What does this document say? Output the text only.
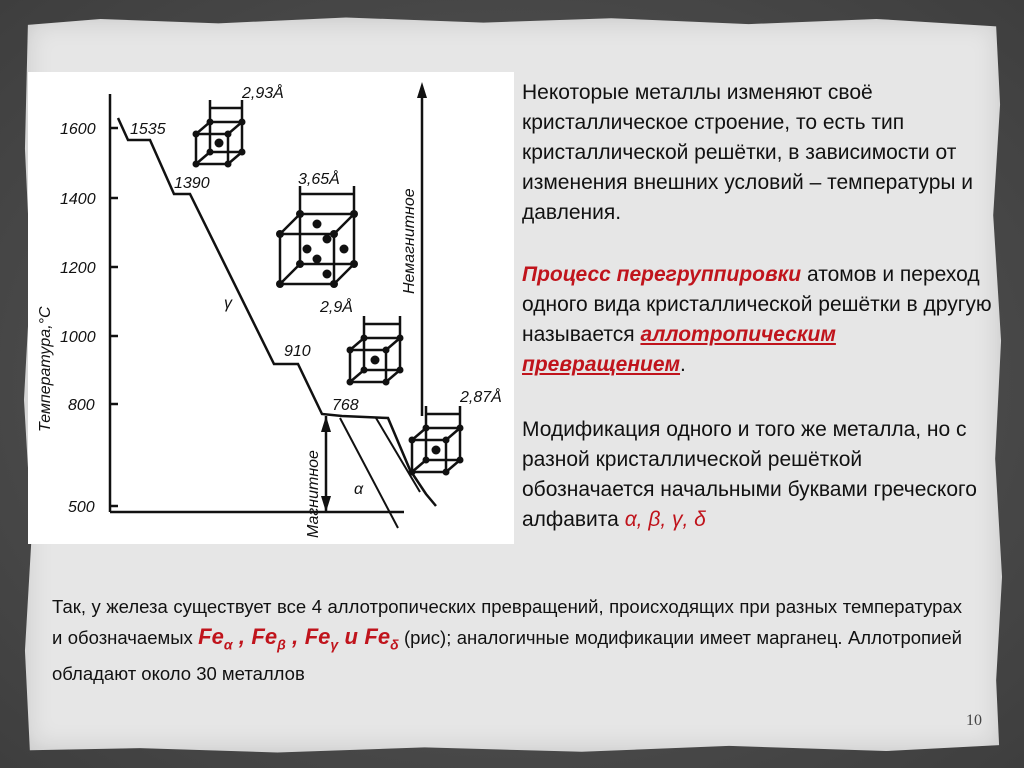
1600
1400
1200
1000
800
500
Температура,°C
1535
1390
910
768
γ
α
2,93Å
3,65Å
2,9Å
2,87Å
Немагнитное
Магнитное
Некоторые металлы изменяют своё кристаллическое строение, то есть тип кристаллической решётки, в зависимости от изменения внешних условий – температуры и давления.
Процесс перегруппировки атомов и переход одного вида кристаллической решётки в другую называется аллотропическим превращением.
Модификация одного и того же металла, но с разной кристаллической решёткой обозначается начальными буквами греческого алфавита α, β, γ, δ
Так, у железа существует все 4 аллотропических превращений, происходящих при разных температурах и обозначаемых $Fe_\alpha$ , $Fe_\beta$ , $Fe_\gamma$ и $Fe_\delta$ (рис); аналогичные модификации имеет марганец. Аллотропией обладают около 30 металлов
10
